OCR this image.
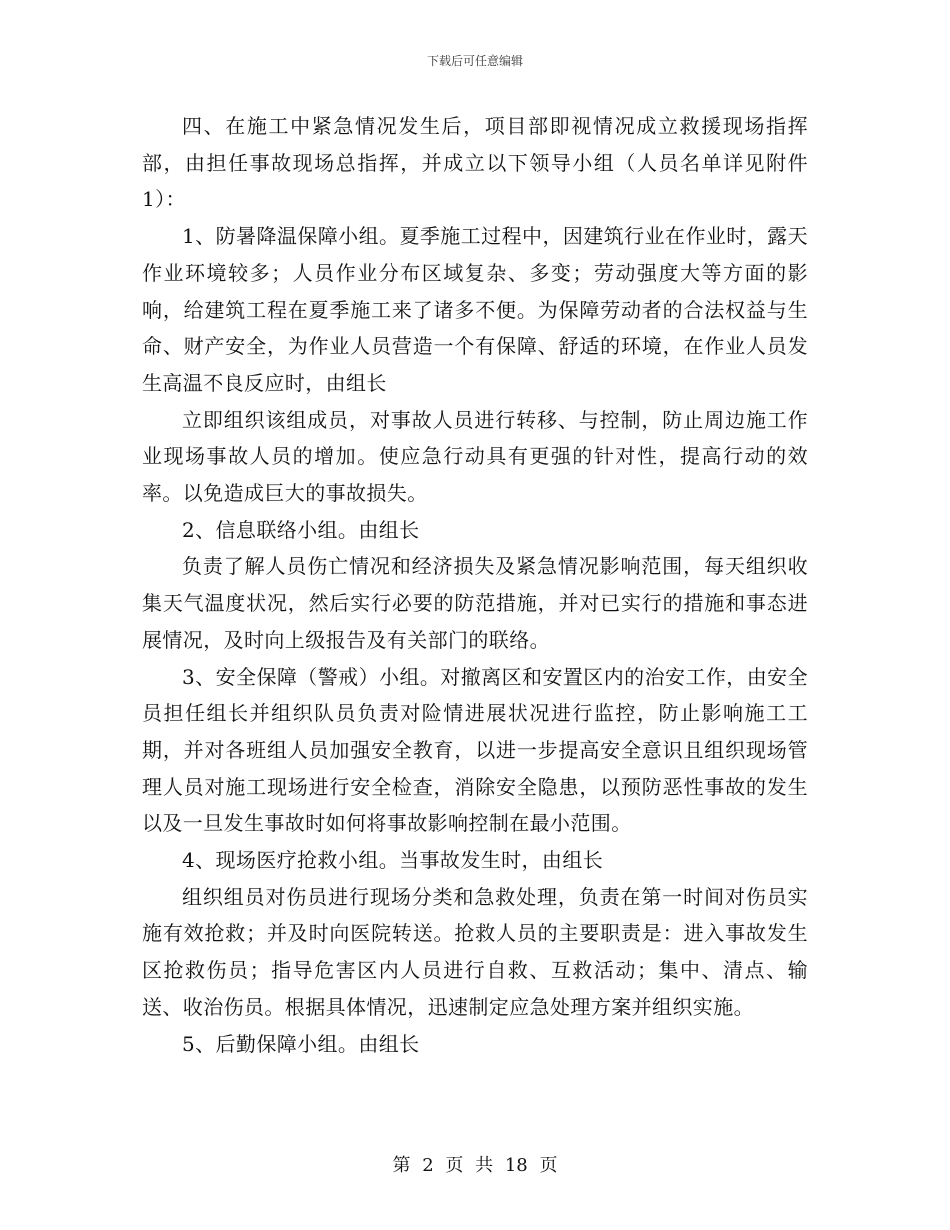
下载后可任意编辑

四、在施工中紧急情况发生后，项目部即视情况成立救援现场指挥部，由担任事故现场总指挥，并成立以下领导小组（人员名单详见附件1）：

1、防暑降温保障小组。夏季施工过程中，因建筑行业在作业时，露天作业环境较多；人员作业分布区域复杂、多变；劳动强度大等方面的影响，给建筑工程在夏季施工来了诸多不便。为保障劳动者的合法权益与生命、财产安全，为作业人员营造一个有保障、舒适的环境，在作业人员发生高温不良反应时，由组长

立即组织该组成员，对事故人员进行转移、与控制，防止周边施工作业现场事故人员的增加。使应急行动具有更强的针对性，提高行动的效率。以免造成巨大的事故损失。

2、信息联络小组。由组长

负责了解人员伤亡情况和经济损失及紧急情况影响范围，每天组织收集天气温度状况，然后实行必要的防范措施，并对已实行的措施和事态进展情况，及时向上级报告及有关部门的联络。

3、安全保障（警戒）小组。对撤离区和安置区内的治安工作，由安全员担任组长并组织队员负责对险情进展状况进行监控，防止影响施工工期，并对各班组人员加强安全教育，以进一步提高安全意识且组织现场管理人员对施工现场进行安全检查，消除安全隐患，以预防恶性事故的发生以及一旦发生事故时如何将事故影响控制在最小范围。

4、现场医疗抢救小组。当事故发生时，由组长

组织组员对伤员进行现场分类和急救处理，负责在第一时间对伤员实施有效抢救；并及时向医院转送。抢救人员的主要职责是：进入事故发生区抢救伤员；指导危害区内人员进行自救、互救活动；集中、清点、输送、收治伤员。根据具体情况，迅速制定应急处理方案并组织实施。

5、后勤保障小组。由组长

第 2 页 共 18 页
